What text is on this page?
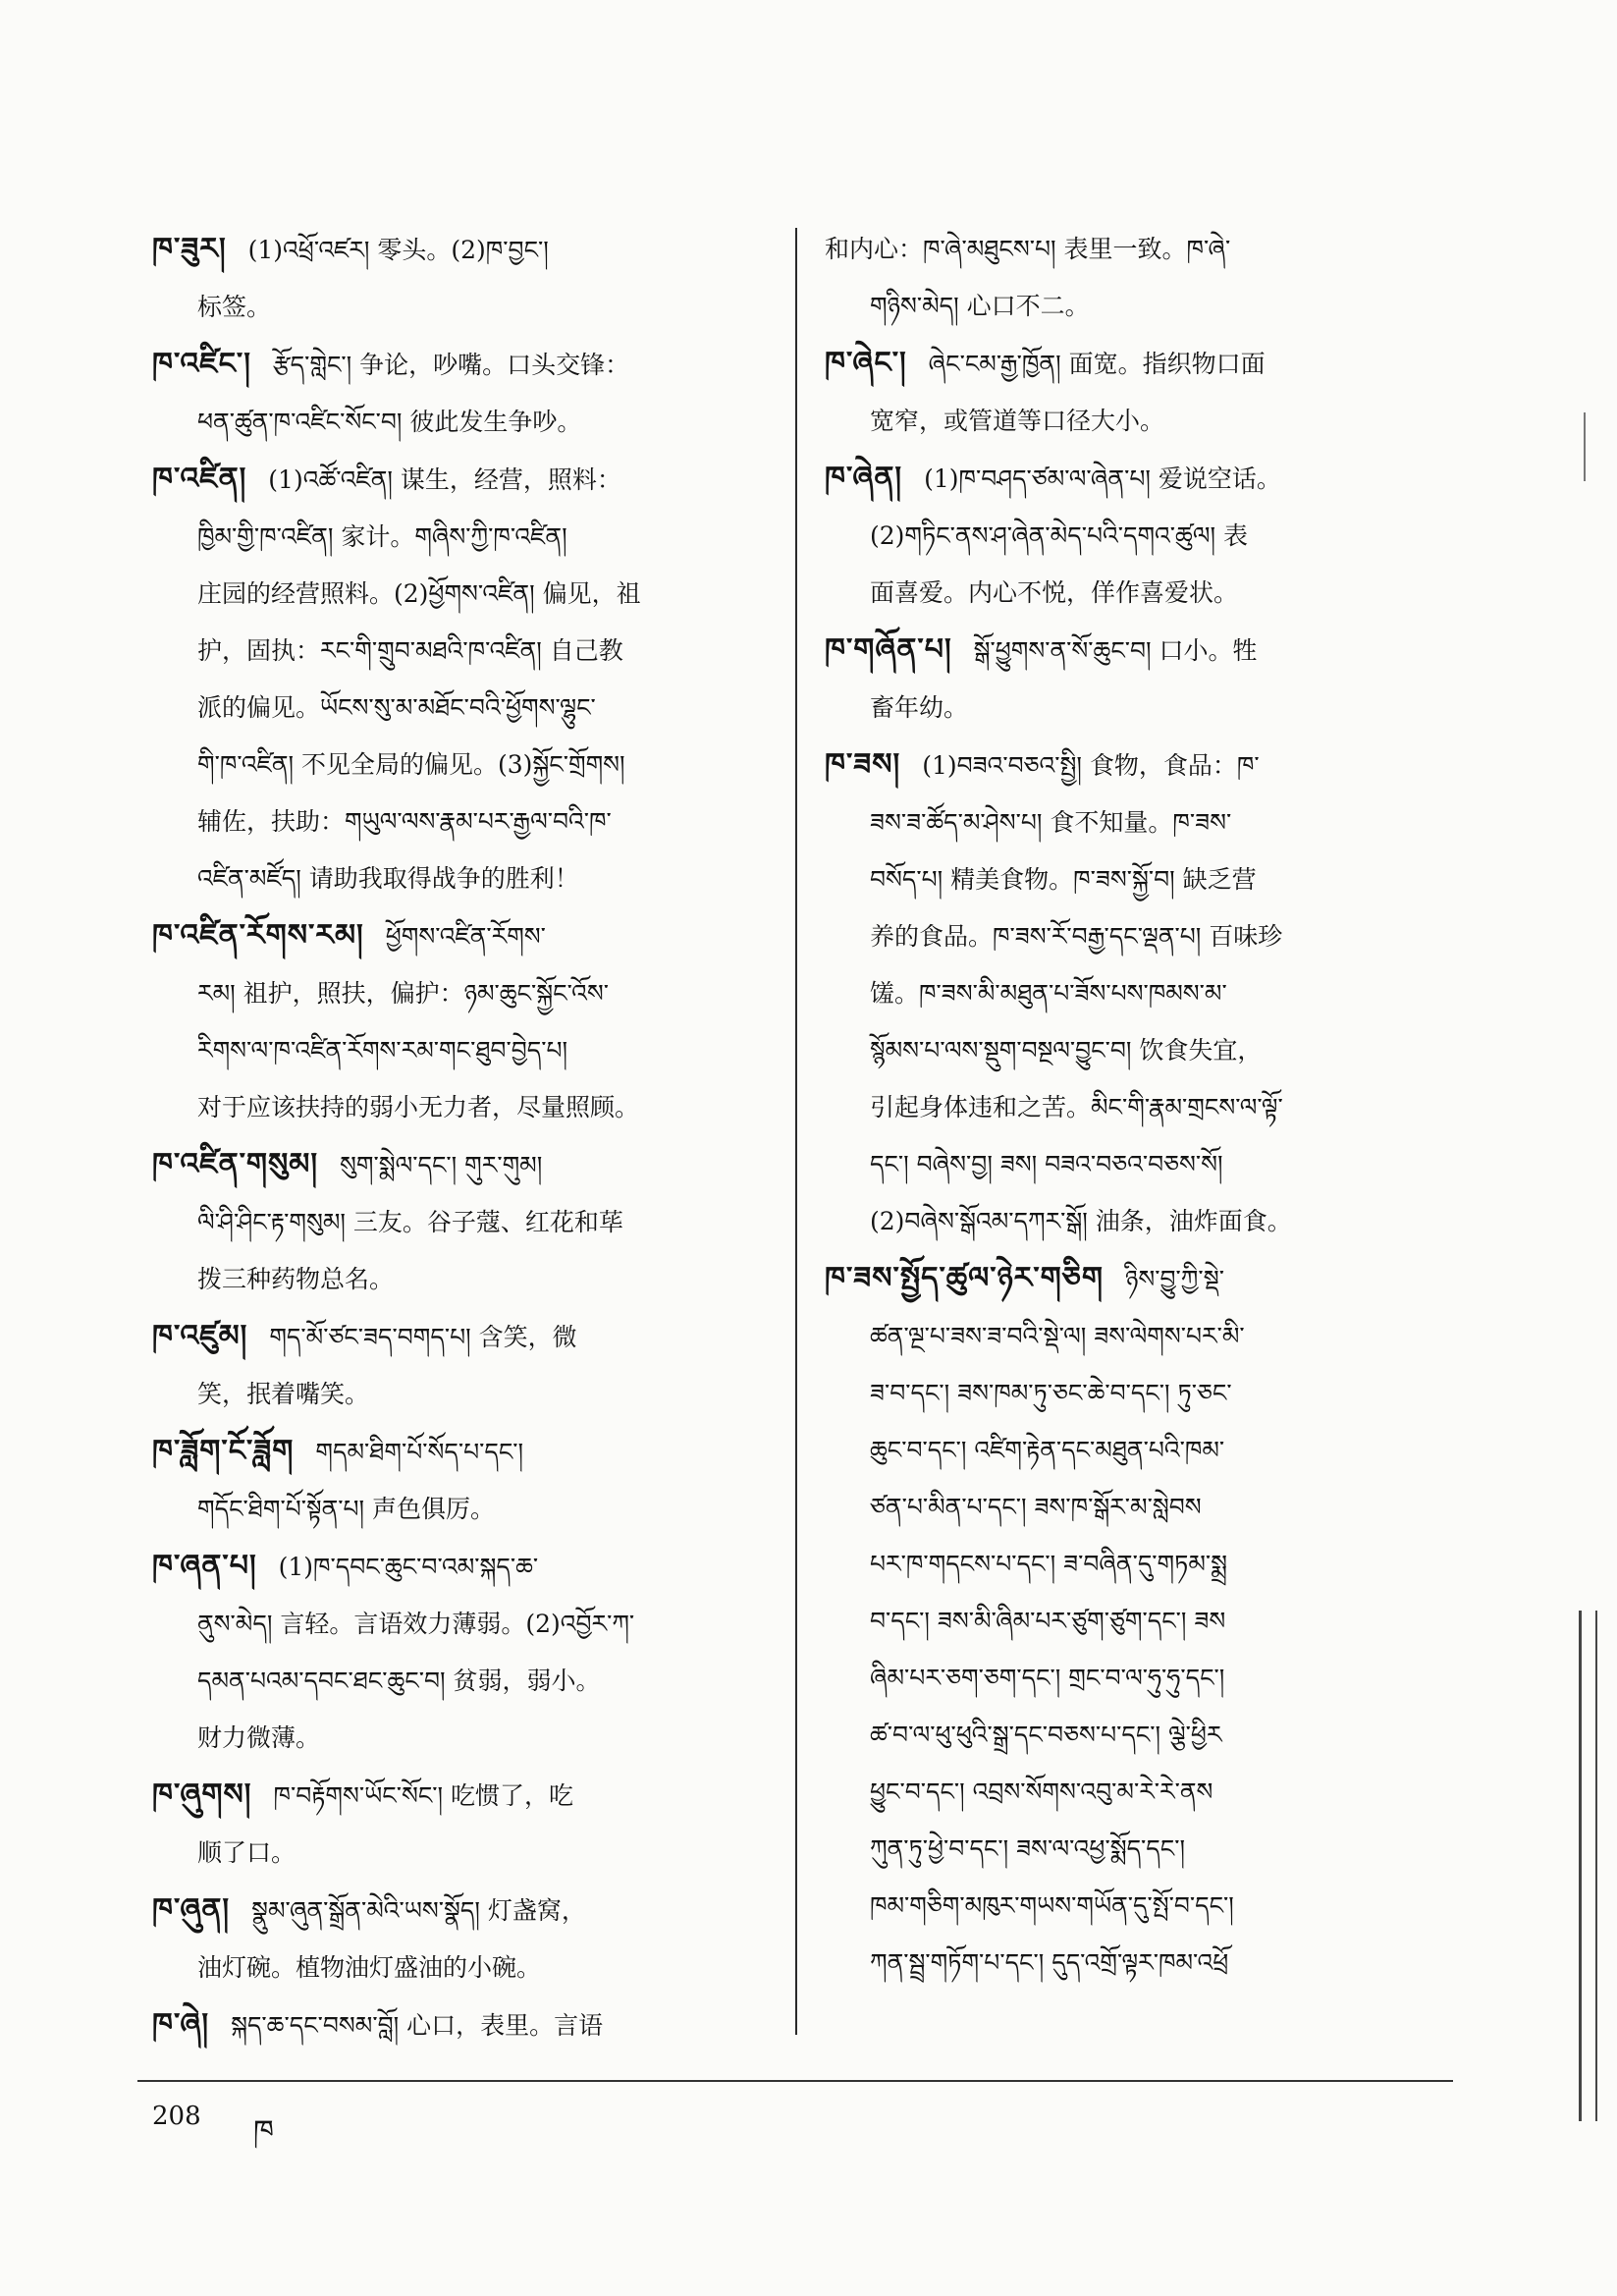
ཁ་ཟུར། (1)འཕྲོ་འཛར། 零头。(2)ཁ་བྱང་།
标签。
ཁ་འཛིང་། རྩོད་གླེང་། 争论，吵嘴。口头交锋：
ཕན་ཚུན་ཁ་འཛིང་སོང་བ། 彼此发生争吵。
ཁ་འཛིན། (1)འཚོ་འཛིན། 谋生，经营，照料：
ཁྱིམ་གྱི་ཁ་འཛིན། 家计。གཞིས་ཀྱི་ཁ་འཛིན།
庄园的经营照料。(2)ཕྱོགས་འཛིན། 偏见，祖
护，固执：རང་གི་གྲུབ་མཐའི་ཁ་འཛིན། 自己教
派的偏见。ཡོངས་སུ་མ་མཐོང་བའི་ཕྱོགས་ལྷུང་
གི་ཁ་འཛིན། 不见全局的偏见。(3)སྐྱོང་གྲོགས།
辅佐，扶助：གཡུལ་ལས་རྣམ་པར་རྒྱལ་བའི་ཁ་
འཛིན་མཛོད། 请助我取得战争的胜利！
ཁ་འཛིན་རོགས་རམ། ཕྱོགས་འཛིན་རོགས་
རམ། 祖护，照扶，偏护：ཉམ་ཆུང་སྐྱོང་འོས་
རིགས་ལ་ཁ་འཛིན་རོགས་རམ་གང་ཐུབ་བྱེད་པ།
对于应该扶持的弱小无力者，尽量照顾。
ཁ་འཛིན་གསུམ། སུག་སྨེལ་དང་། གུར་གུམ།
ལི་ཤི་ཤིང་རྟ་གསུམ། 三友。谷子蔻、红花和荜
拨三种药物总名。
ཁ་འཛུམ། གད་མོ་ཙང་ཟད་བགད་པ། 含笑，微
笑，抿着嘴笑。
ཁ་ཟློག་ངོ་ཟློག གདམ་ཐིག་པོ་སོད་པ་དང་།
གདོང་ཐིག་པོ་སྟོན་པ། 声色俱厉。
ཁ་ཞན་པ། (1)ཁ་དབང་ཆུང་བ་འམ་སྐད་ཆ་
ནུས་མེད། 言轻。言语效力薄弱。(2)འབྱོར་ཀ་
དམན་པའམ་དབང་ཐང་ཆུང་བ། 贫弱，弱小。
财力微薄。
ཁ་ཞུགས། ཁ་བརྟོགས་ཡོང་སོང་། 吃惯了，吃
顺了口。
ཁ་ཞུན། སྣུམ་ཞུན་སྒྲོན་མེའི་ཡས་སྣོད། 灯盏窝，
油灯碗。植物油灯盛油的小碗。
ཁ་ཞེ། སྐད་ཆ་དང་བསམ་བློ། 心口，表里。言语
和内心：ཁ་ཞེ་མཐུངས་པ། 表里一致。ཁ་ཞེ་
གཉིས་མེད། 心口不二。
ཁ་ཞེང་། ཞེང་ངམ་རྒྱ་ཁྱོན། 面宽。指织物口面
宽窄，或管道等口径大小。
ཁ་ཞེན། (1)ཁ་བཤད་ཙམ་ལ་ཞེན་པ། 爱说空话。
(2)གཏིང་ནས་ཤ་ཞེན་མེད་པའི་དགའ་ཚུལ། 表
面喜爱。内心不悦，佯作喜爱状。
ཁ་གཞོན་པ། སྒོ་ཕྱུགས་ན་སོ་ཆུང་བ། 口小。牲
畜年幼。
ཁ་ཟས། (1)བཟའ་བཅའ་སྤྱི། 食物，食品：ཁ་
ཟས་ཟ་ཚོད་མ་ཤེས་པ། 食不知量。ཁ་ཟས་
བསོད་པ། 精美食物。ཁ་ཟས་སྐྱོ་བ། 缺乏营
养的食品。ཁ་ཟས་རོ་བརྒྱ་དང་ལྡན་པ། 百味珍
馐。ཁ་ཟས་མི་མཐུན་པ་ཟོས་པས་ཁམས་མ་
སྙོམས་པ་ལས་སྡུག་བསྔལ་བྱུང་བ། 饮食失宜，
引起身体违和之苦。མིང་གི་རྣམ་གྲངས་ལ་ལྟོ་
དང་། བཞེས་བྱ། ཟས། བཟའ་བཅའ་བཅས་སོ།
(2)བཞེས་སྒོའམ་དཀར་སྒོ། 油条，油炸面食。
ཁ་ཟས་སྤྱོད་ཚུལ་ཉེར་གཅིག ཉིས་བྱུ་ཀྱི་སྡེ་
ཚན་ལྔ་པ་ཟས་ཟ་བའི་སྡེ་ལ། ཟས་ལེགས་པར་མི་
ཟ་བ་དང་། ཟས་ཁམ་ཏུ་ཅང་ཆེ་བ་དང་། ཏུ་ཅང་
ཆུང་བ་དང་། འཛིག་རྟེན་དང་མཐུན་པའི་ཁམ་
ཙན་པ་མིན་པ་དང་། ཟས་ཁ་སྒོར་མ་སླེབས
པར་ཁ་གདངས་པ་དང་། ཟ་བཞིན་དུ་གཏམ་སྨྲ
བ་དང་། ཟས་མི་ཞིམ་པར་ཙུག་ཙུག་དང་། ཟས
ཞིམ་པར་ཅག་ཅག་དང་། གྲང་བ་ལ་ཧུ་ཧུ་དང་།
ཚ་བ་ལ་ཕུ་ཕུའི་སྒྲ་དང་བཅས་པ་དང་། ལྕེ་ཕྱིར
ཕྱུང་བ་དང་། འབྲས་སོགས་འབུ་མ་རེ་རེ་ནས
ཀུན་ཏུ་ཕྱེ་བ་དང་། ཟས་ལ་འཕྱ་སྨོད་དང་།
ཁམ་གཅིག་མཁུར་གཡས་གཡོན་དུ་སྤོ་བ་དང་།
ཀན་སྦྲ་གཏོག་པ་དང་། དུད་འགྲོ་ལྟར་ཁམ་འཕྲོ
208 ཁ
